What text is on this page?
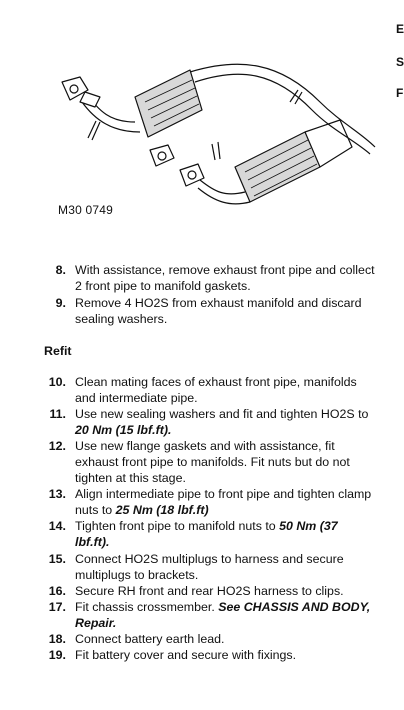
E
S
F
M30 0749
8. With assistance, remove exhaust front pipe and collect 2 front pipe to manifold gaskets.
9. Remove 4 HO2S from exhaust manifold and discard sealing washers.
Refit
10. Clean mating faces of exhaust front pipe, manifolds and intermediate pipe.
11. Use new sealing washers and fit and tighten HO2S to 20 Nm (15 lbf.ft).
12. Use new flange gaskets and with assistance, fit exhaust front pipe to manifolds. Fit nuts but do not tighten at this stage.
13. Align intermediate pipe to front pipe and tighten clamp nuts to 25 Nm (18 lbf.ft)
14. Tighten front pipe to manifold nuts to 50 Nm (37 lbf.ft).
15. Connect HO2S multiplugs to harness and secure multiplugs to brackets.
16. Secure RH front and rear HO2S harness to clips.
17. Fit chassis crossmember. See CHASSIS AND BODY, Repair.
18. Connect battery earth lead.
19. Fit battery cover and secure with fixings.
